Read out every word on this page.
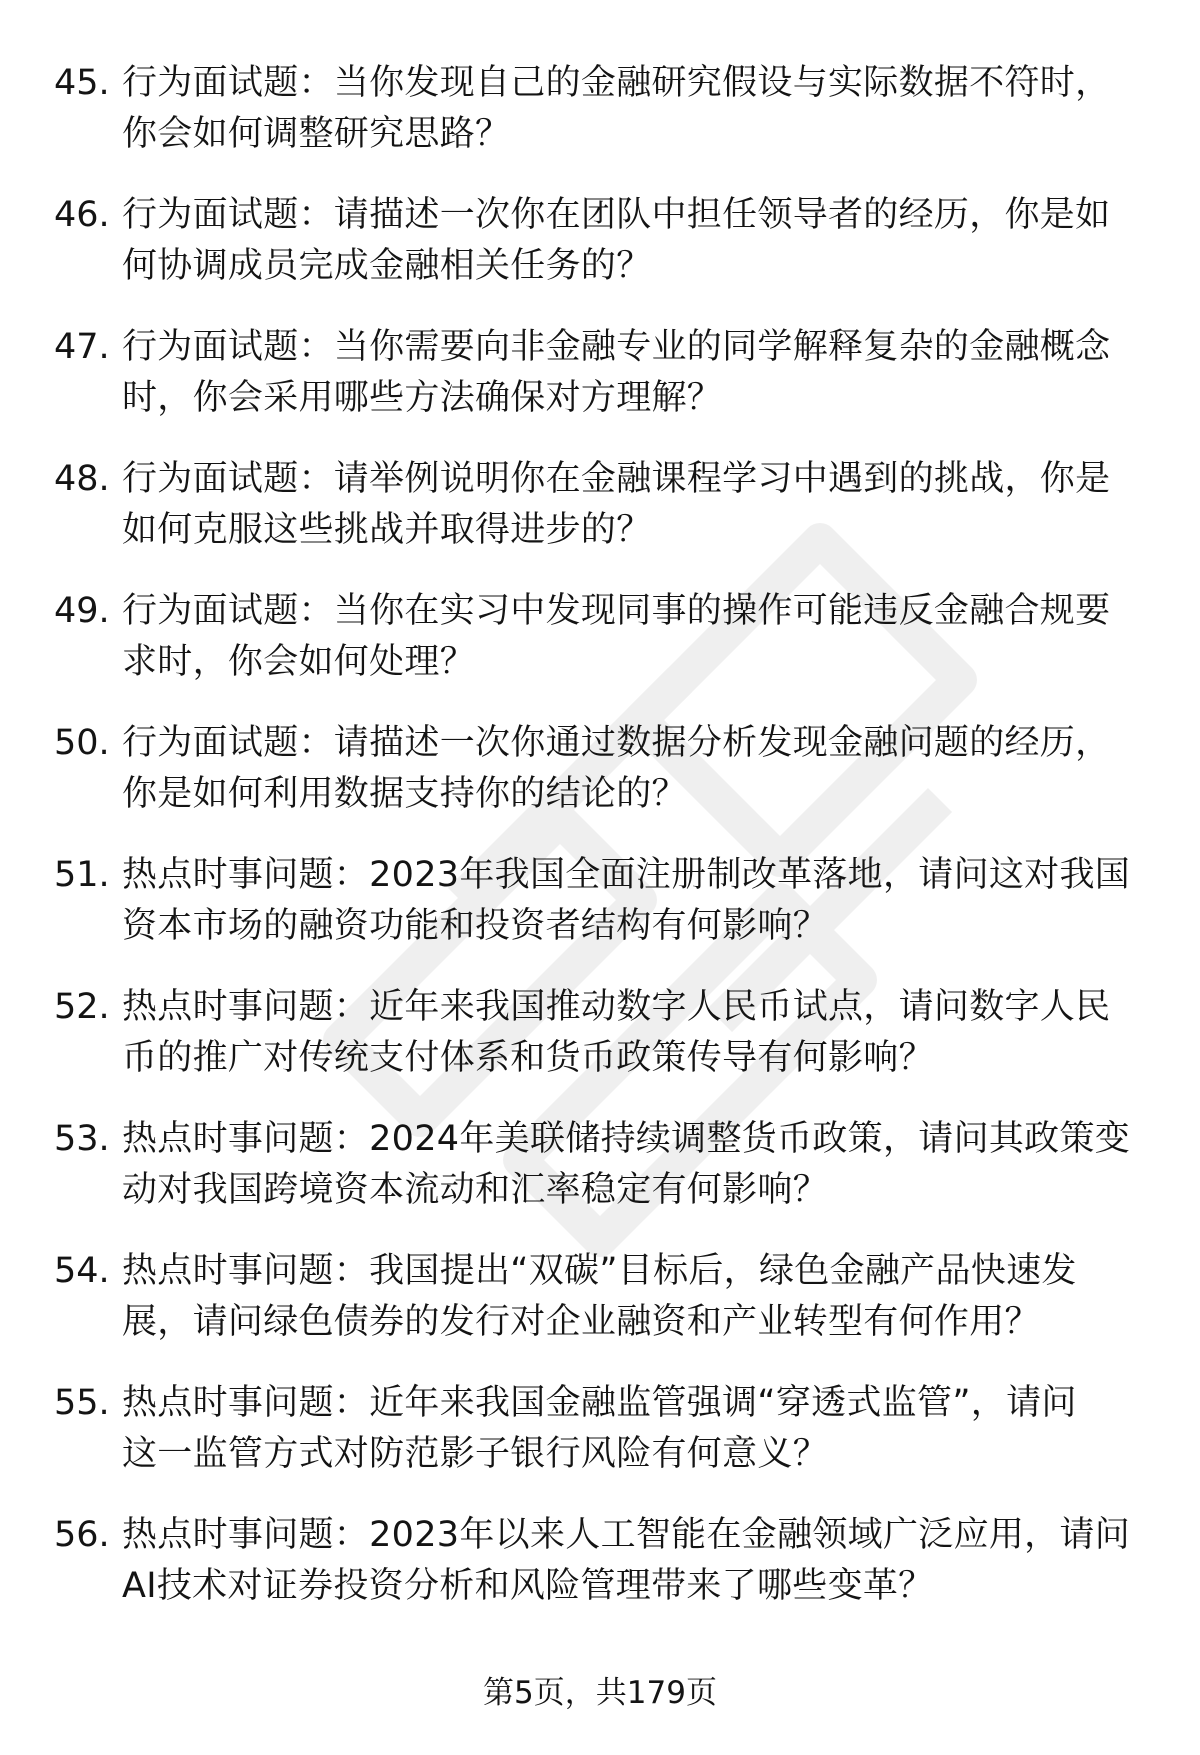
45. 行为面试题：当你发现自己的金融研究假设与实际数据不符时，
你会如何调整研究思路？

46. 行为面试题：请描述一次你在团队中担任领导者的经历，你是如
何协调成员完成金融相关任务的？

47. 行为面试题：当你需要向非金融专业的同学解释复杂的金融概念
时，你会采用哪些方法确保对方理解？

48. 行为面试题：请举例说明你在金融课程学习中遇到的挑战，你是
如何克服这些挑战并取得进步的？

49. 行为面试题：当你在实习中发现同事的操作可能违反金融合规要
求时，你会如何处理？

50. 行为面试题：请描述一次你通过数据分析发现金融问题的经历，
你是如何利用数据支持你的结论的？

51. 热点时事问题：2023年我国全面注册制改革落地，请问这对我国
资本市场的融资功能和投资者结构有何影响？

52. 热点时事问题：近年来我国推动数字人民币试点，请问数字人民
币的推广对传统支付体系和货币政策传导有何影响？

53. 热点时事问题：2024年美联储持续调整货币政策，请问其政策变
动对我国跨境资本流动和汇率稳定有何影响？

54. 热点时事问题：我国提出“双碳”目标后，绿色金融产品快速发
展，请问绿色债券的发行对企业融资和产业转型有何作用？

55. 热点时事问题：近年来我国金融监管强调“穿透式监管”，请问
这一监管方式对防范影子银行风险有何意义？

56. 热点时事问题：2023年以来人工智能在金融领域广泛应用，请问
AI技术对证券投资分析和风险管理带来了哪些变革？

第5页，共179页
